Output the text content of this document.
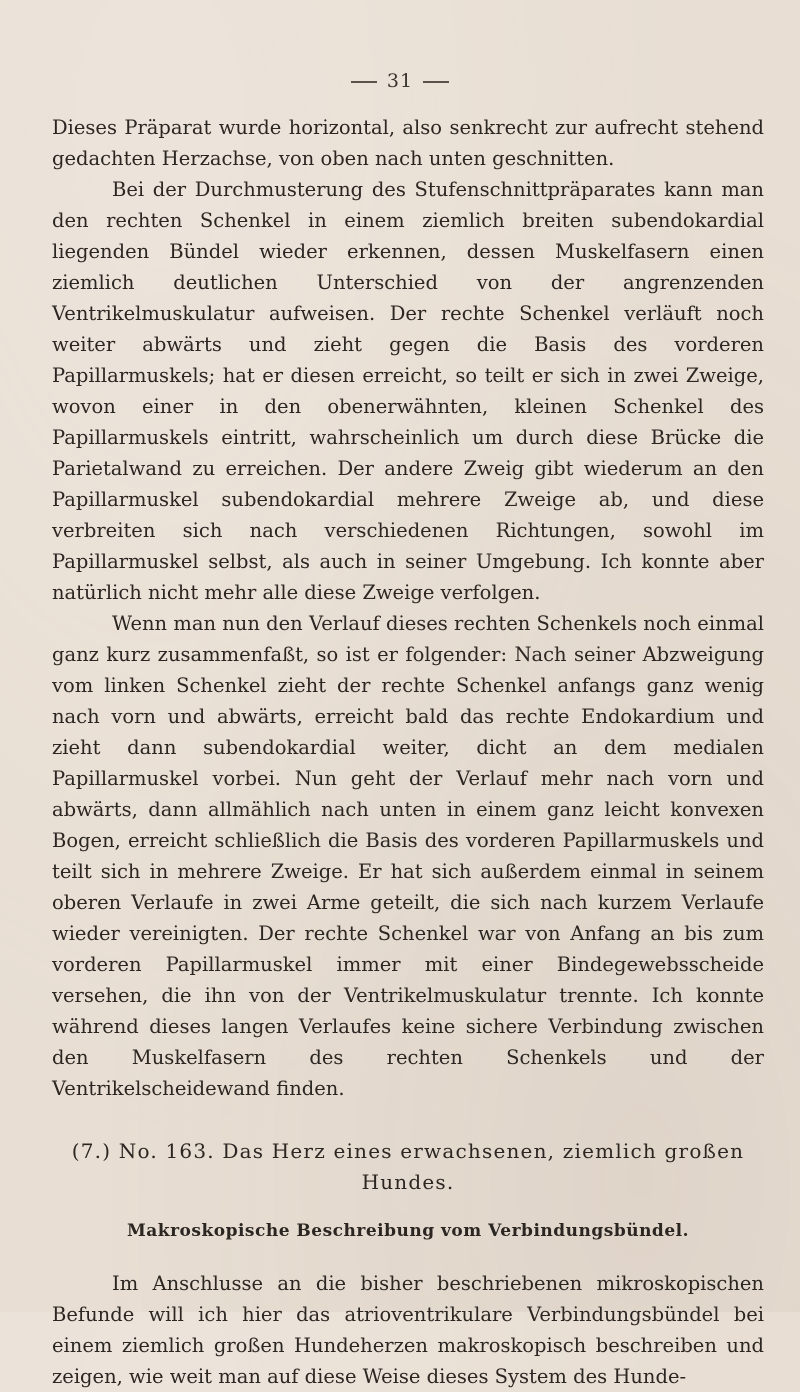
31

Dieses Präparat wurde horizontal, also senkrecht zur aufrecht stehend gedachten Herzachse, von oben nach unten geschnitten.

Bei der Durchmusterung des Stufenschnittpräparates kann man den rechten Schenkel in einem ziemlich breiten subendokardial liegenden Bündel wieder erkennen, dessen Muskelfasern einen ziemlich deutlichen Unterschied von der angrenzenden Ventrikelmuskulatur aufweisen. Der rechte Schenkel verläuft noch weiter abwärts und zieht gegen die Basis des vorderen Papillarmuskels; hat er diesen erreicht, so teilt er sich in zwei Zweige, wovon einer in den obenerwähnten, kleinen Schenkel des Papillarmuskels eintritt, wahrscheinlich um durch diese Brücke die Parietalwand zu erreichen. Der andere Zweig gibt wiederum an den Papillarmuskel subendokardial mehrere Zweige ab, und diese verbreiten sich nach verschiedenen Richtungen, sowohl im Papillarmuskel selbst, als auch in seiner Umgebung. Ich konnte aber natürlich nicht mehr alle diese Zweige verfolgen.

Wenn man nun den Verlauf dieses rechten Schenkels noch einmal ganz kurz zusammenfaßt, so ist er folgender: Nach seiner Abzweigung vom linken Schenkel zieht der rechte Schenkel anfangs ganz wenig nach vorn und abwärts, erreicht bald das rechte Endokardium und zieht dann subendokardial weiter, dicht an dem medialen Papillarmuskel vorbei. Nun geht der Verlauf mehr nach vorn und abwärts, dann allmählich nach unten in einem ganz leicht konvexen Bogen, erreicht schließlich die Basis des vorderen Papillarmuskels und teilt sich in mehrere Zweige. Er hat sich außerdem einmal in seinem oberen Verlaufe in zwei Arme geteilt, die sich nach kurzem Verlaufe wieder vereinigten. Der rechte Schenkel war von Anfang an bis zum vorderen Papillarmuskel immer mit einer Bindegewebsscheide versehen, die ihn von der Ventrikelmuskulatur trennte. Ich konnte während dieses langen Verlaufes keine sichere Verbindung zwischen den Muskelfasern des rechten Schenkels und der Ventrikelscheidewand finden.

(7.) No. 163. Das Herz eines erwachsenen, ziemlich großen
Hundes.
Makroskopische Beschreibung vom Verbindungsbündel.

Im Anschlusse an die bisher beschriebenen mikroskopischen Befunde will ich hier das atrioventrikulare Verbindungsbündel bei einem ziemlich großen Hundeherzen makroskopisch beschreiben und zeigen, wie weit man auf diese Weise dieses System des Hunde-
